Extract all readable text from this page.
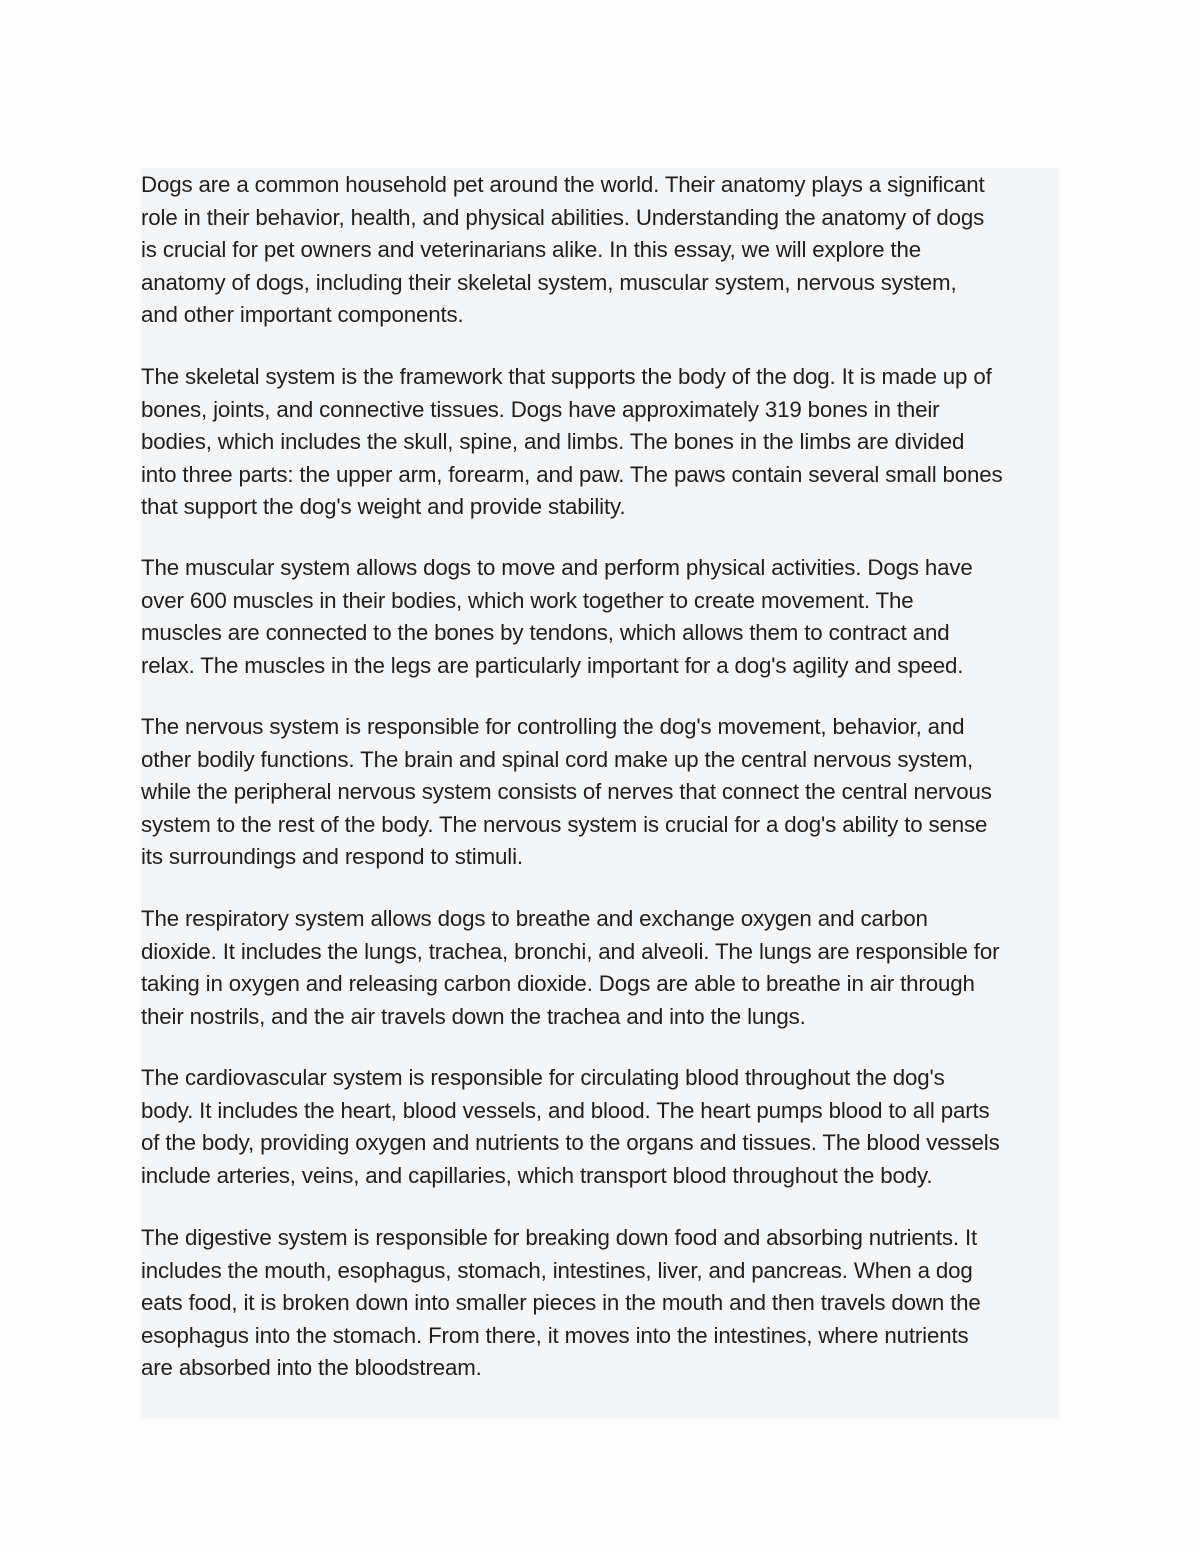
Dogs are a common household pet around the world. Their anatomy plays a significant
role in their behavior, health, and physical abilities. Understanding the anatomy of dogs
is crucial for pet owners and veterinarians alike. In this essay, we will explore the
anatomy of dogs, including their skeletal system, muscular system, nervous system,
and other important components.

The skeletal system is the framework that supports the body of the dog. It is made up of
bones, joints, and connective tissues. Dogs have approximately 319 bones in their
bodies, which includes the skull, spine, and limbs. The bones in the limbs are divided
into three parts: the upper arm, forearm, and paw. The paws contain several small bones
that support the dog's weight and provide stability.

The muscular system allows dogs to move and perform physical activities. Dogs have
over 600 muscles in their bodies, which work together to create movement. The
muscles are connected to the bones by tendons, which allows them to contract and
relax. The muscles in the legs are particularly important for a dog's agility and speed.

The nervous system is responsible for controlling the dog's movement, behavior, and
other bodily functions. The brain and spinal cord make up the central nervous system,
while the peripheral nervous system consists of nerves that connect the central nervous
system to the rest of the body. The nervous system is crucial for a dog's ability to sense
its surroundings and respond to stimuli.

The respiratory system allows dogs to breathe and exchange oxygen and carbon
dioxide. It includes the lungs, trachea, bronchi, and alveoli. The lungs are responsible for
taking in oxygen and releasing carbon dioxide. Dogs are able to breathe in air through
their nostrils, and the air travels down the trachea and into the lungs.

The cardiovascular system is responsible for circulating blood throughout the dog's
body. It includes the heart, blood vessels, and blood. The heart pumps blood to all parts
of the body, providing oxygen and nutrients to the organs and tissues. The blood vessels
include arteries, veins, and capillaries, which transport blood throughout the body.

The digestive system is responsible for breaking down food and absorbing nutrients. It
includes the mouth, esophagus, stomach, intestines, liver, and pancreas. When a dog
eats food, it is broken down into smaller pieces in the mouth and then travels down the
esophagus into the stomach. From there, it moves into the intestines, where nutrients
are absorbed into the bloodstream.
